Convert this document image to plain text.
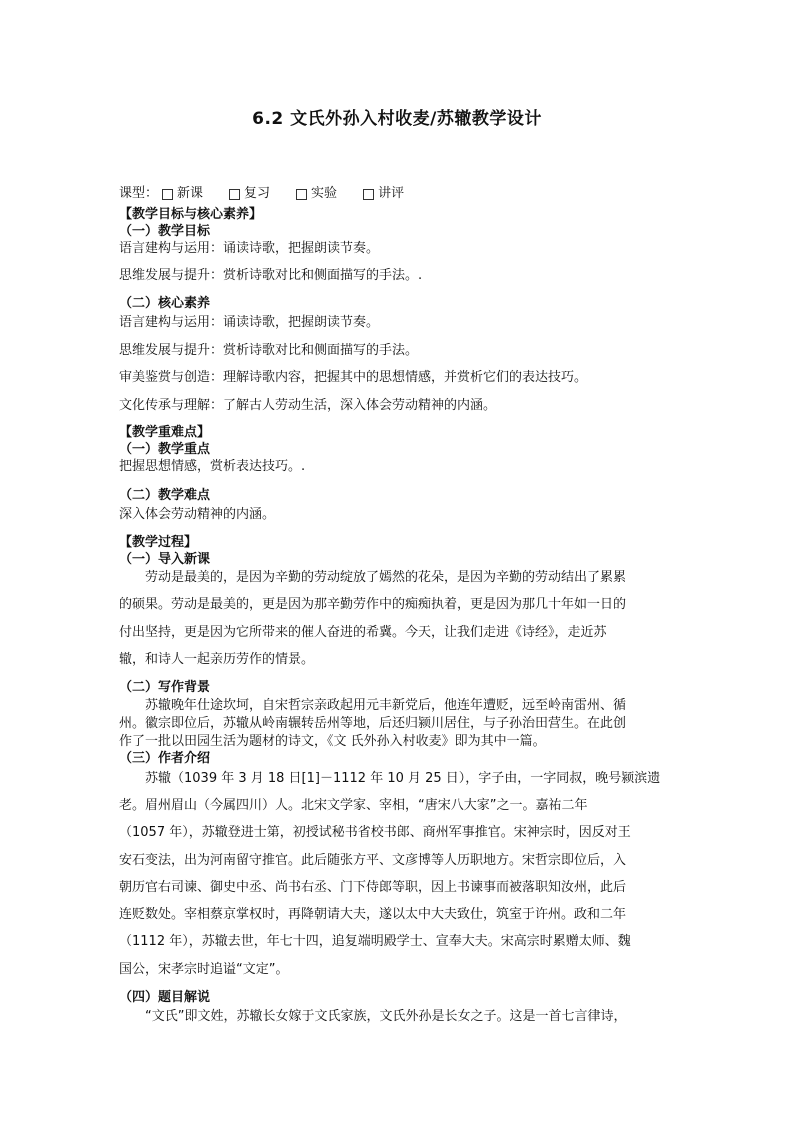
6.2 文氏外孙入村收麦/苏辙教学设计
课型： 新课	复习	实验	讲评
【教学目标与核心素养】
（一）教学目标
语言建构与运用：诵读诗歌，把握朗读节奏。
思维发展与提升：赏析诗歌对比和侧面描写的手法。.
（二）核心素养
语言建构与运用：诵读诗歌，把握朗读节奏。
思维发展与提升：赏析诗歌对比和侧面描写的手法。
审美鉴赏与创造：理解诗歌内容，把握其中的思想情感，并赏析它们的表达技巧。
文化传承与理解：了解古人劳动生活，深入体会劳动精神的内涵。
【教学重难点】
（一）教学重点
把握思想情感，赏析表达技巧。.
（二）教学难点
深入体会劳动精神的内涵。
【教学过程】
（一）导入新课
劳动是最美的，是因为辛勤的劳动绽放了嫣然的花朵，是因为辛勤的劳动结出了累累
的硕果。劳动是最美的，更是因为那辛勤劳作中的痴痴执着，更是因为那几十年如一日的
付出坚持，更是因为它所带来的催人奋进的希冀。今天，让我们走进《诗经》，走近苏
辙，和诗人一起亲历劳作的情景。
（二）写作背景
苏辙晚年仕途坎坷，自宋哲宗亲政起用元丰新党后，他连年遭贬，远至岭南雷州、循
州。徽宗即位后，苏辙从岭南辗转岳州等地，后还归颍川居住，与子孙治田营生。在此创
作了一批以田园生活为题材的诗文，《文 氏外孙入村收麦》即为其中一篇。
（三）作者介绍
苏辙（1039 年 3 月 18 日[1]－1112 年 10 月 25 日），字子由，一字同叔，晚号颍滨遗
老。眉州眉山（今属四川）人。北宋文学家、宰相，“唐宋八大家”之一。嘉祐二年
（1057 年），苏辙登进士第，初授试秘书省校书郎、商州军事推官。宋神宗时，因反对王
安石变法，出为河南留守推官。此后随张方平、文彦博等人历职地方。宋哲宗即位后，入
朝历官右司谏、御史中丞、尚书右丞、门下侍郎等职，因上书谏事而被落职知汝州，此后
连贬数处。宰相蔡京掌权时，再降朝请大夫，遂以太中大夫致仕，筑室于许州。政和二年
（1112 年），苏辙去世，年七十四，追复端明殿学士、宣奉大夫。宋高宗时累赠太师、魏
国公，宋孝宗时追谥“文定”。
（四）题目解说
“文氏”即文姓，苏辙长女嫁于文氏家族，文氏外孙是长女之子。这是一首七言律诗，
